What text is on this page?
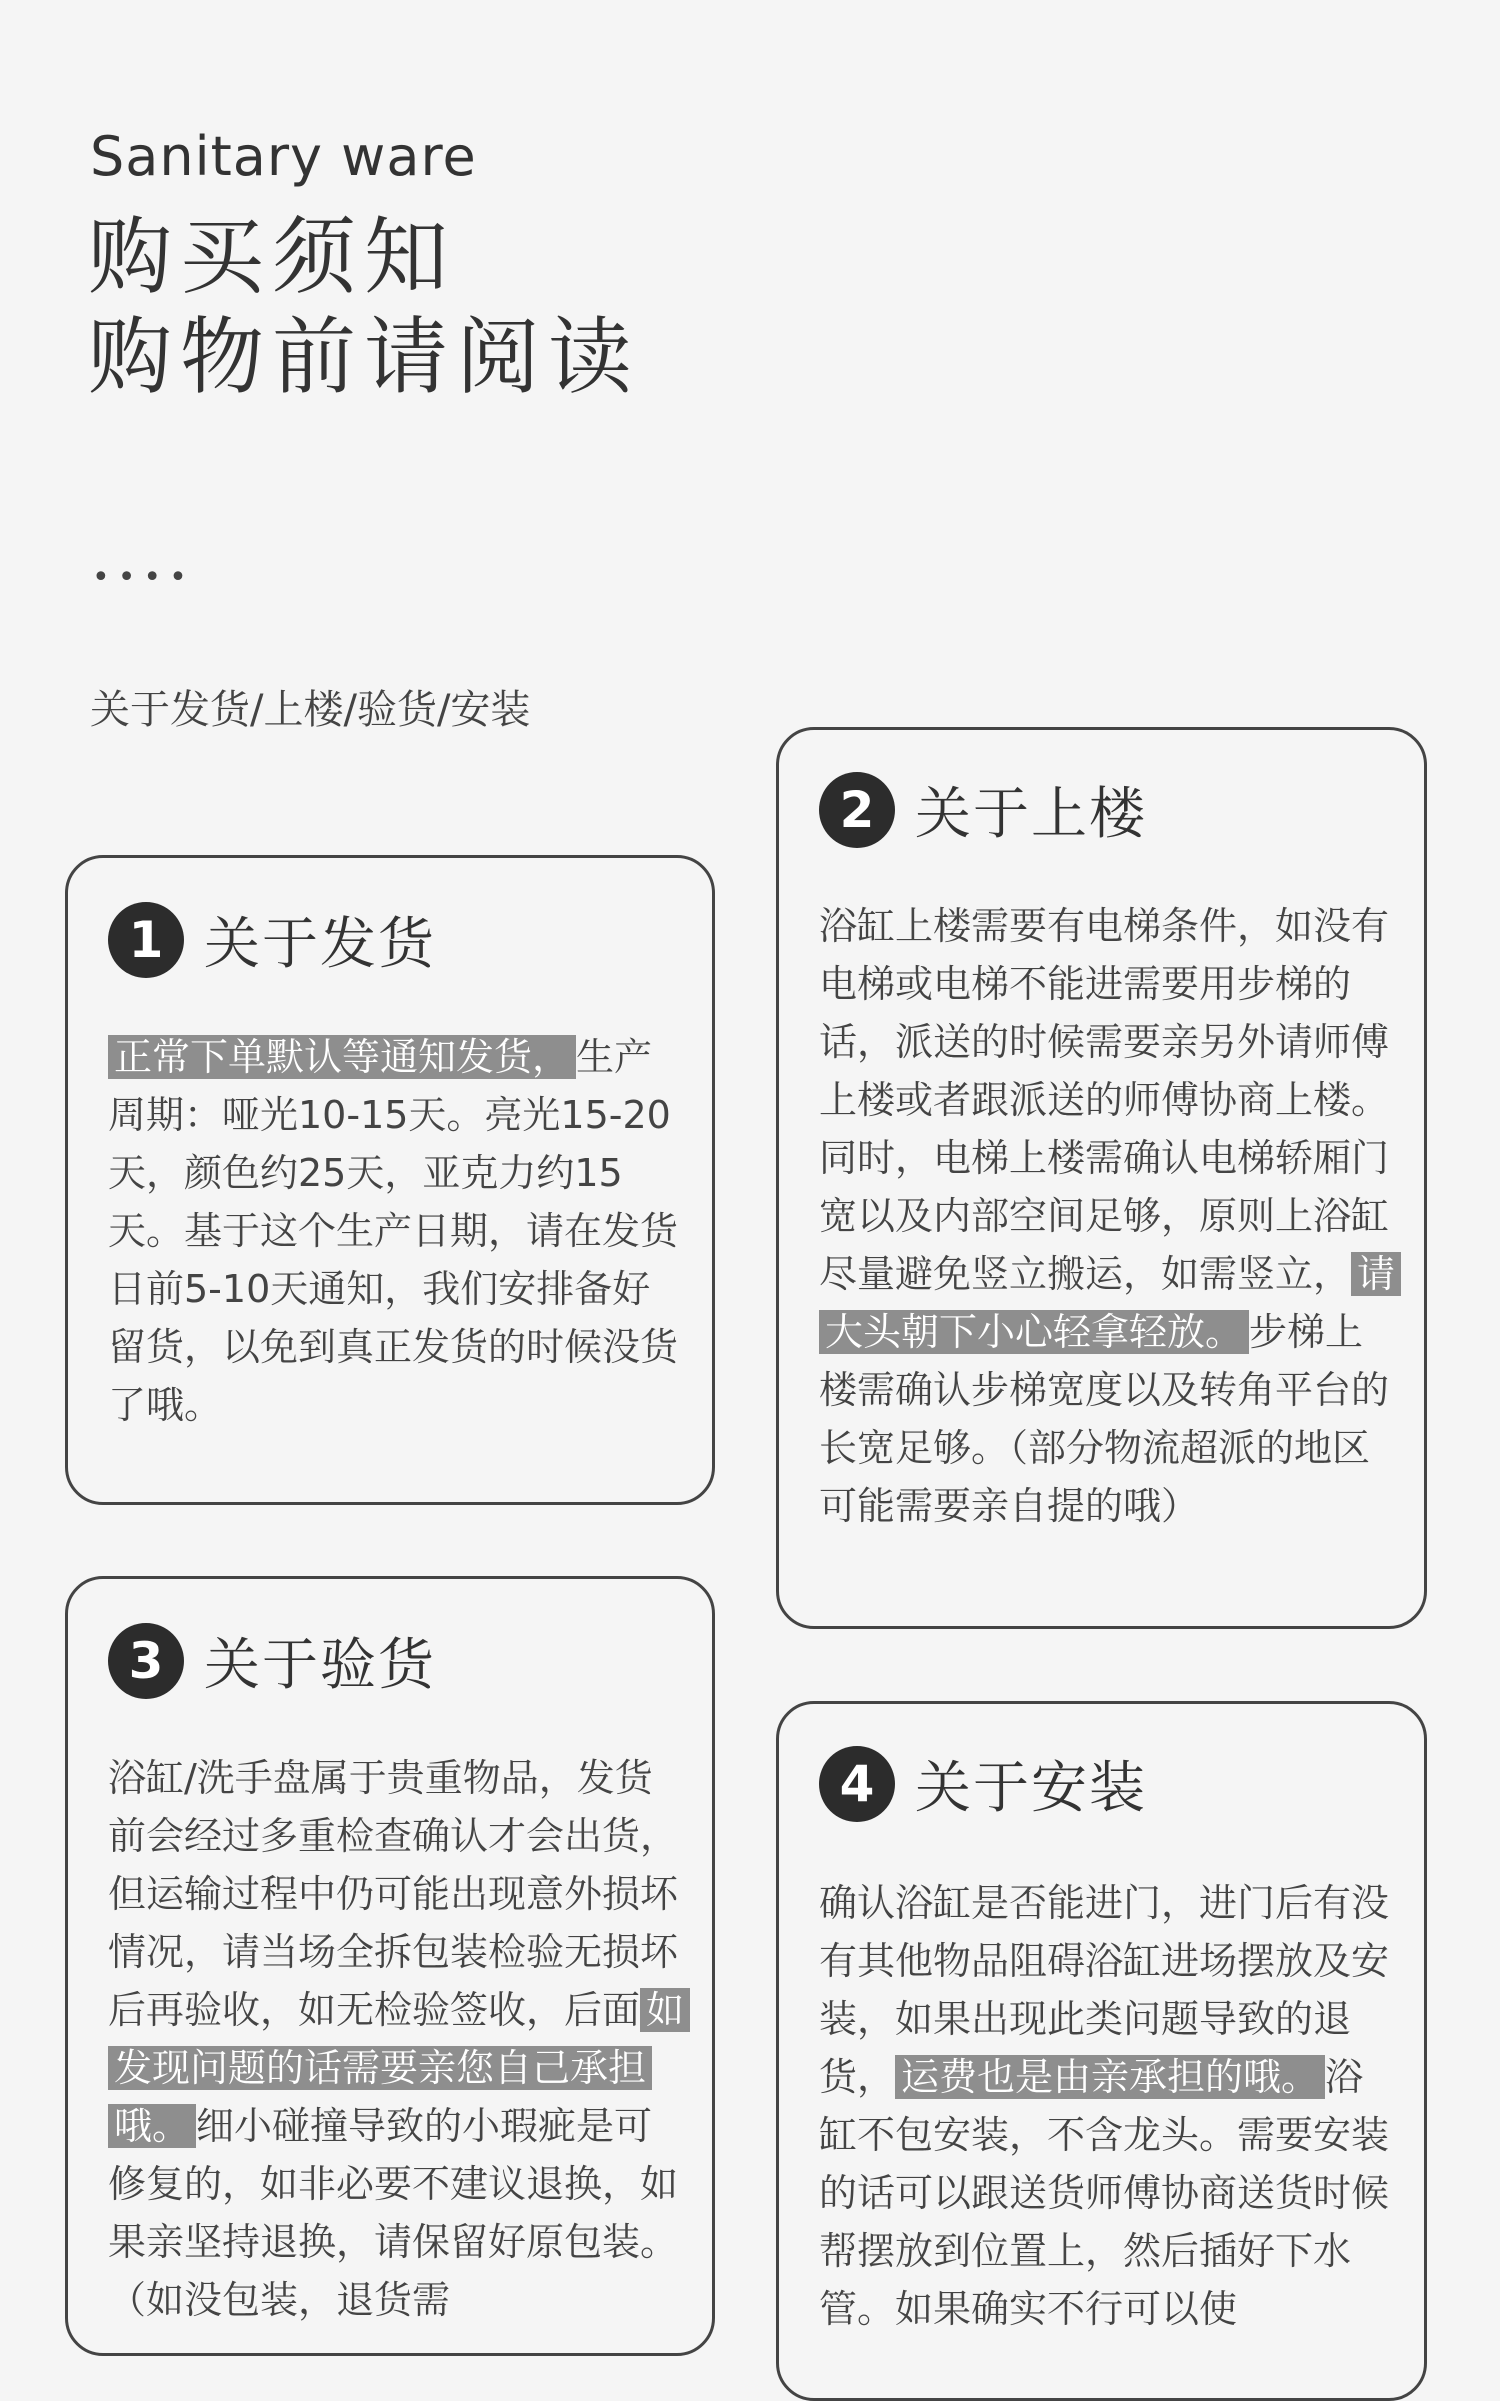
Sanitary ware
购买须知
购物前请阅读
••••
关于发货/上楼/验货/安装
1 关于发货
正常下单默认等通知发货， 生产周期：哑光10-15天。亮光15-20天，颜色约25天，亚克力约15天。基于这个生产日期，请在发货日前5-10天通知，我们安排备好留货，以免到真正发货的时候没货了哦。
2 关于上楼
浴缸上楼需要有电梯条件，如没有电梯或电梯不能进需要用步梯的话，派送的时候需要亲另外请师傅上楼或者跟派送的师傅协商上楼。同时，电梯上楼需确认电梯轿厢门宽以及内部空间足够，原则上浴缸尽量避免竖立搬运，如需竖立， 请大头朝下小心轻拿轻放。 步梯上楼需确认步梯宽度以及转角平台的长宽足够。（部分物流超派的地区可能需要亲自提的哦）
3 关于验货
浴缸/洗手盘属于贵重物品，发货前会经过多重检查确认才会出货，但运输过程中仍可能出现意外损坏情况，请当场全拆包装检验无损坏后再验收，如无检验签收，后面 如发现问题的话需要亲您自己承担哦。 细小碰撞导致的小瑕疵是可修复的，如非必要不建议退换，如果亲坚持退换，请保留好原包装。（如没包装，退货需
4 关于安装
确认浴缸是否能进门，进门后有没有其他物品阻碍浴缸进场摆放及安装，如果出现此类问题导致的退货， 运费也是由亲承担的哦。 浴缸不包安装，不含龙头。需要安装的话可以跟送货师傅协商送货时候帮摆放到位置上，然后插好下水管。如果确实不行可以使
